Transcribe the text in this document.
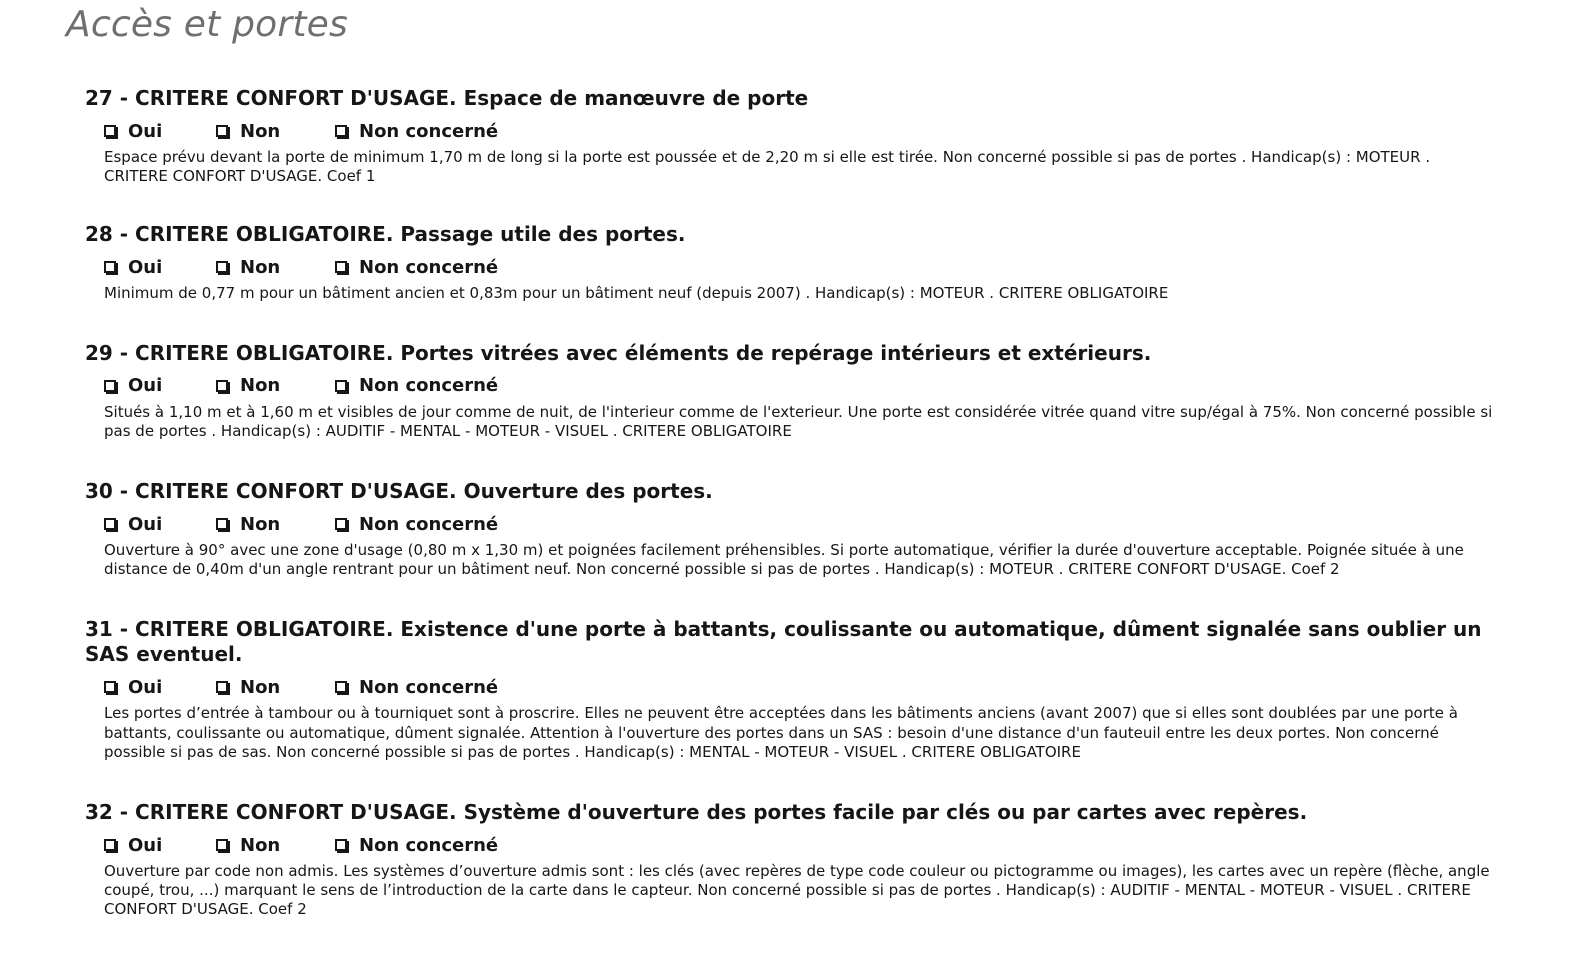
Accès et portes
27 - CRITERE CONFORT D'USAGE. Espace de manœuvre de porte
Oui	Non	Non concerné

Espace prévu devant la porte de minimum 1,70 m de long si la porte est poussée et de 2,20 m si elle est tirée. Non concerné possible si pas de portes . Handicap(s) : MOTEUR . CRITERE CONFORT D'USAGE. Coef 1

28 - CRITERE OBLIGATOIRE. Passage utile des portes.
Oui	Non	Non concerné

Minimum de 0,77 m pour un bâtiment ancien et 0,83m pour un bâtiment neuf (depuis 2007) . Handicap(s) : MOTEUR . CRITERE OBLIGATOIRE

29 - CRITERE OBLIGATOIRE. Portes vitrées avec éléments de repérage intérieurs et extérieurs.
Oui	Non	Non concerné

Situés à 1,10 m et à 1,60 m et visibles de jour comme de nuit, de l'interieur comme de l'exterieur. Une porte est considérée vitrée quand vitre sup/égal à 75%. Non concerné possible si pas de portes . Handicap(s) : AUDITIF - MENTAL - MOTEUR - VISUEL . CRITERE OBLIGATOIRE

30 - CRITERE CONFORT D'USAGE. Ouverture des portes.
Oui	Non	Non concerné

Ouverture à 90° avec une zone d'usage (0,80 m x 1,30 m) et poignées facilement préhensibles. Si porte automatique, vérifier la durée d'ouverture acceptable. Poignée située à une distance de 0,40m d'un angle rentrant pour un bâtiment neuf. Non concerné possible si pas de portes . Handicap(s) : MOTEUR . CRITERE CONFORT D'USAGE. Coef 2

31 - CRITERE OBLIGATOIRE. Existence d'une porte à battants, coulissante ou automatique, dûment signalée sans oublier un SAS eventuel.
Oui	Non	Non concerné

Les portes d’entrée à tambour ou à tourniquet sont à proscrire. Elles ne peuvent être acceptées dans les bâtiments anciens (avant 2007) que si elles sont doublées par une porte à battants, coulissante ou automatique, dûment signalée. Attention à l'ouverture des portes dans un SAS : besoin d'une distance d'un fauteuil entre les deux portes. Non concerné possible si pas de sas. Non concerné possible si pas de portes . Handicap(s) : MENTAL - MOTEUR - VISUEL . CRITERE OBLIGATOIRE

32 - CRITERE CONFORT D'USAGE. Système d'ouverture des portes facile par clés ou par cartes avec repères.
Oui	Non	Non concerné

Ouverture par code non admis. Les systèmes d’ouverture admis sont : les clés (avec repères de type code couleur ou pictogramme ou images), les cartes avec un repère (flèche, angle coupé, trou, ...) marquant le sens de l’introduction de la carte dans le capteur. Non concerné possible si pas de portes . Handicap(s) : AUDITIF - MENTAL - MOTEUR - VISUEL . CRITERE CONFORT D'USAGE. Coef 2
